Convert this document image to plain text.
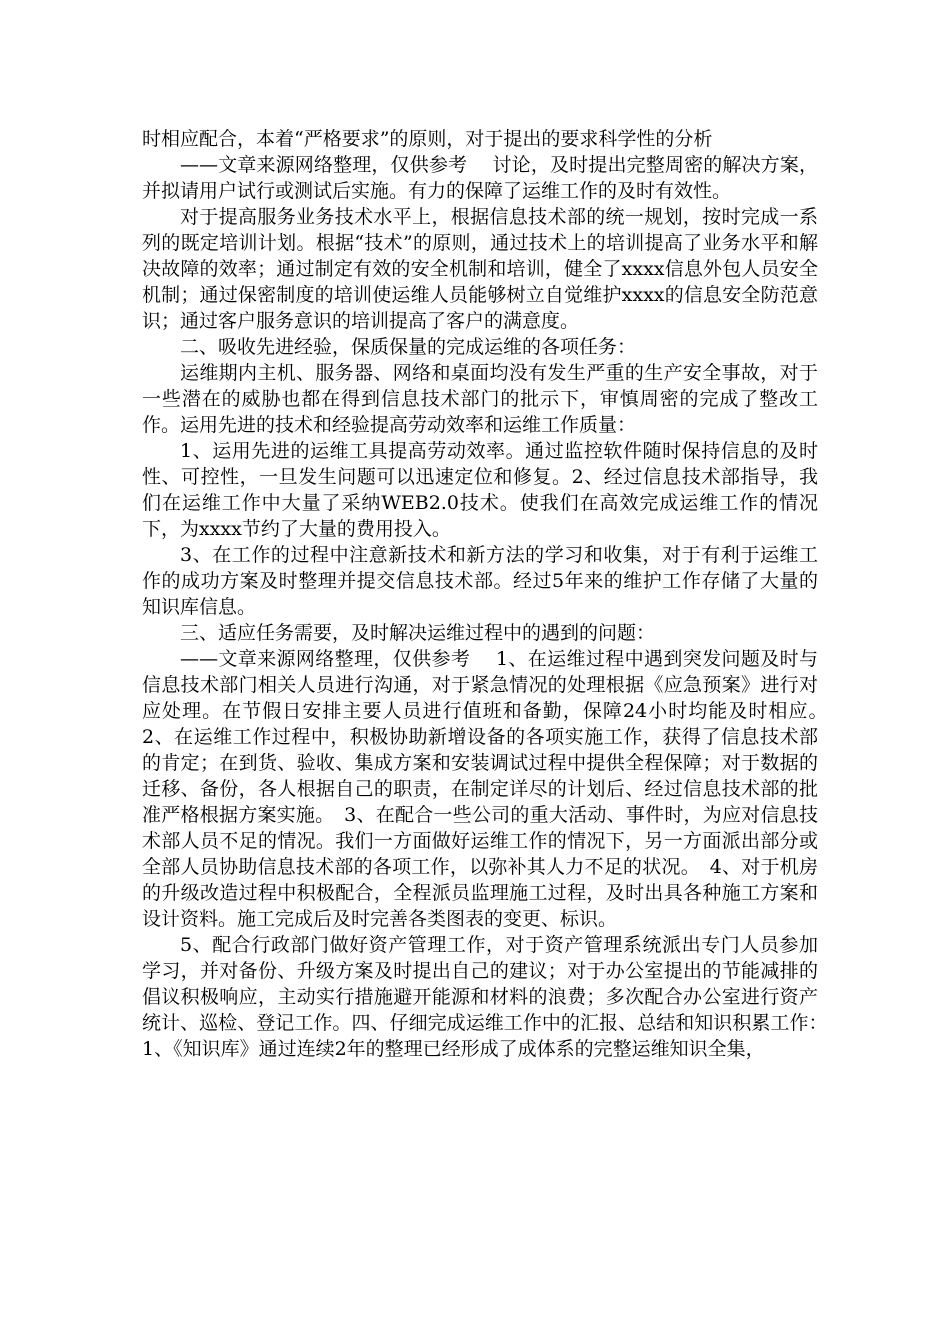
时相应配合，本着“严格要求”的原则，对于提出的要求科学性的分析

——文章来源网络整理，仅供参考　 讨论，及时提出完整周密的解决方案，并拟请用户试行或测试后实施。有力的保障了运维工作的及时有效性。

对于提高服务业务技术水平上，根据信息技术部的统一规划，按时完成一系列的既定培训计划。根据“技术”的原则，通过技术上的培训提高了业务水平和解决故障的效率；通过制定有效的安全机制和培训，健全了xxxx信息外包人员安全机制；通过保密制度的培训使运维人员能够树立自觉维护xxxx的信息安全防范意识；通过客户服务意识的培训提高了客户的满意度。

二、吸收先进经验，保质保量的完成运维的各项任务：

运维期内主机、服务器、网络和桌面均没有发生严重的生产安全事故，对于一些潜在的威胁也都在得到信息技术部门的批示下，审慎周密的完成了整改工作。运用先进的技术和经验提高劳动效率和运维工作质量：

1、运用先进的运维工具提高劳动效率。通过监控软件随时保持信息的及时性、可控性，一旦发生问题可以迅速定位和修复。2、经过信息技术部指导，我们在运维工作中大量了采纳WEB2.0技术。使我们在高效完成运维工作的情况下，为xxxx节约了大量的费用投入。

3、在工作的过程中注意新技术和新方法的学习和收集，对于有利于运维工作的成功方案及时整理并提交信息技术部。经过5年来的维护工作存储了大量的知识库信息。

三、适应任务需要，及时解决运维过程中的遇到的问题：

——文章来源网络整理，仅供参考　 1、在运维过程中遇到突发问题及时与信息技术部门相关人员进行沟通，对于紧急情况的处理根据《应急预案》进行对应处理。在节假日安排主要人员进行值班和备勤，保障24小时均能及时相应。　2、在运维工作过程中，积极协助新增设备的各项实施工作，获得了信息技术部的肯定；在到货、验收、集成方案和安装调试过程中提供全程保障；对于数据的迁移、备份，各人根据自己的职责，在制定详尽的计划后、经过信息技术部的批准严格根据方案实施。　3、在配合一些公司的重大活动、事件时，为应对信息技术部人员不足的情况。我们一方面做好运维工作的情况下，另一方面派出部分或全部人员协助信息技术部的各项工作，以弥补其人力不足的状况。　4、对于机房的升级改造过程中积极配合，全程派员监理施工过程，及时出具各种施工方案和设计资料。施工完成后及时完善各类图表的变更、标识。

5、配合行政部门做好资产管理工作，对于资产管理系统派出专门人员参加学习，并对备份、升级方案及时提出自己的建议；对于办公室提出的节能减排的倡议积极响应，主动实行措施避开能源和材料的浪费；多次配合办公室进行资产统计、巡检、登记工作。四、仔细完成运维工作中的汇报、总结和知识积累工作：　1、《知识库》通过连续2年的整理已经形成了成体系的完整运维知识全集，
